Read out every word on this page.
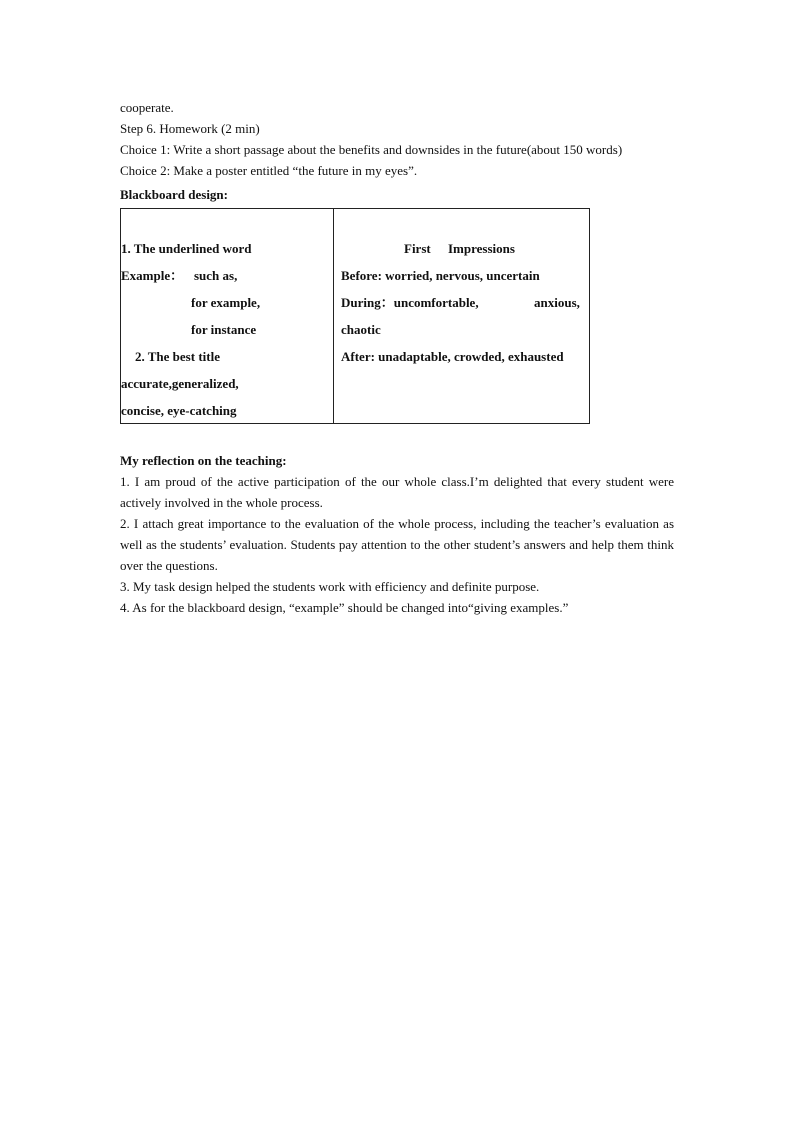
cooperate.
Step 6. Homework (2 min)
Choice 1: Write a short passage about the benefits and downsides in the future(about 150 words)
Choice 2: Make a poster entitled “the future in my eyes”.
Blackboard design:
1. The underlined word
Example： such as,
for example,
for instance
2. The best title
accurate,generalized,
concise, eye-catching
First Impressions
Before: worried, nervous, uncertain
During：uncomfortable,	anxious,
chaotic
After: unadaptable, crowded, exhausted
My reflection on the teaching:
1. I am proud of the active participation of the our whole class.I’m delighted that every student were actively involved in the whole process.
2. I attach great importance to the evaluation of the whole process, including the teacher’s evaluation as well as the students’ evaluation. Students pay attention to the other student’s answers and help them think over the questions.
3. My task design helped the students work with efficiency and definite purpose.
4. As for the blackboard design, “example” should be changed into“giving examples.”
